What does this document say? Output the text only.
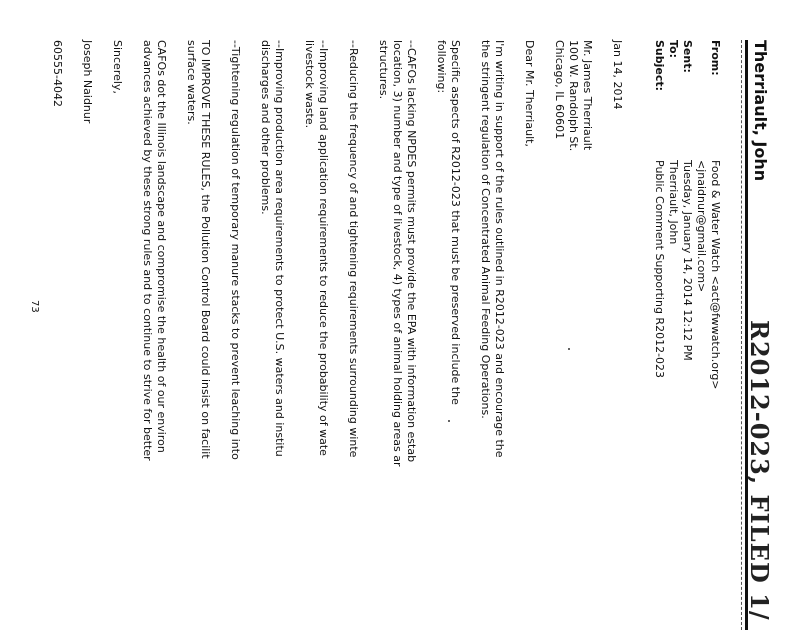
R2012-023, FILED 1/
Therriault, John
From:
Food & Water Watch <act@fwwatch.org>
<jnaidnur@gmail.com>
Sent:
Tuesday, January 14, 2014 12:12 PM
To:
Therriault, John
Subject:
Public Comment Supporting R2012-023
Jan 14, 2014
Mr. James Therriault
100 W. Randolph St.
Chicago, IL 60601
Dear Mr. Therriault,
I'm writing in support of the rules outlined in R2012-023 and encourage the
the stringent regulation of Concentrated Animal Feeding Operations.
Specific aspects of R2012-023 that must be preserved include the
following:
--CAFOs lacking NPDES permits must provide the EPA with information estab
location, 3) number and type of livestock, 4) types of animal holding areas ar
structures.
--Reducing the frequency of and tightening requirements surrounding winte
--Improving land application requirements to reduce the probability of wate
livestock waste.
--Improving production area requirements to protect U.S. waters and institu
discharges and other problems.
--Tightening regulation of temporary manure stacks to prevent leaching into
TO IMPROVE THESE RULES, the Pollution Control Board could insist on facilit
surface waters.
CAFOs dot the Illinois landscape and compromise the health of our environ
advances achieved by these strong rules and to continue to strive for better
Sincerely,
Joseph Naidnur
60555-4042
73
